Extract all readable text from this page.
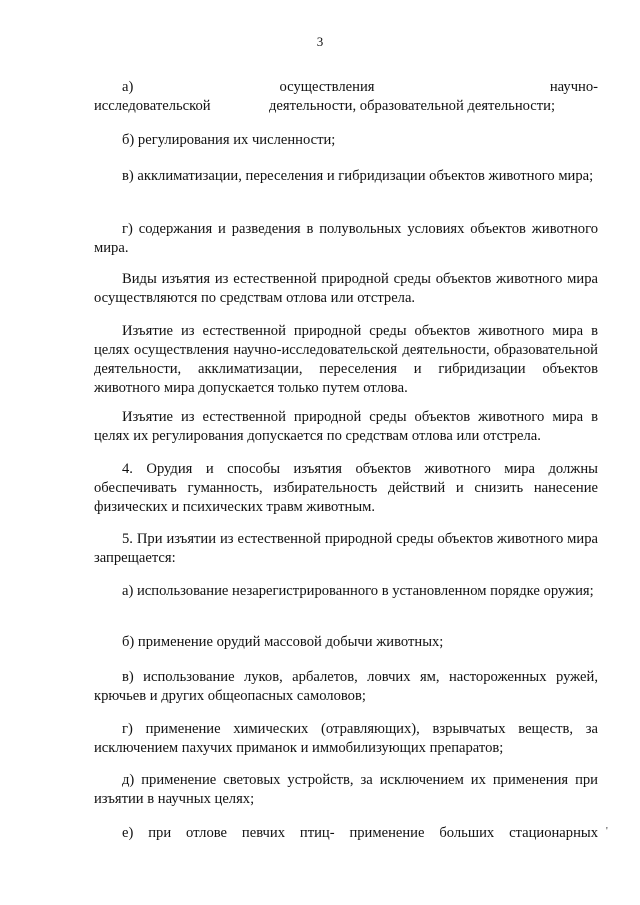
3

а)          осуществления            научно-исследовательской                деятельности, образовательной деятельности;

б) регулирования их численности;

в) акклиматизации, переселения и гибридизации объектов животного мира;

г) содержания и разведения в полувольных условиях объектов животного мира.

Виды изъятия из естественной природной среды объектов животного мира осуществляются по средствам отлова или отстрела.

Изъятие из естественной природной среды объектов животного мира в целях осуществления научно-исследовательской деятельности, образовательной деятельности, акклиматизации, переселения и гибридизации объектов животного мира допускается только путем отлова.

Изъятие из естественной природной среды объектов животного мира в целях их регулирования допускается по средствам отлова или отстрела.

4. Орудия и способы изъятия объектов животного мира должны обеспечивать гуманность, избирательность действий и снизить нанесение физических и психических травм животным.

5. При изъятии из естественной природной среды объектов животного мира запрещается:

а) использование незарегистрированного в установленном порядке оружия;

б) применение орудий массовой добычи животных;

в) использование луков, арбалетов, ловчих ям, настороженных ружей, крючьев и других общеопасных самоловов;

г) применение химических (отравляющих), взрывчатых веществ, за исключением пахучих приманок и иммобилизующих препаратов;

д) применение световых устройств, за исключением их применения при изъятии в научных целях;

е) при отлове певчих птиц- применение больших стационарных '
